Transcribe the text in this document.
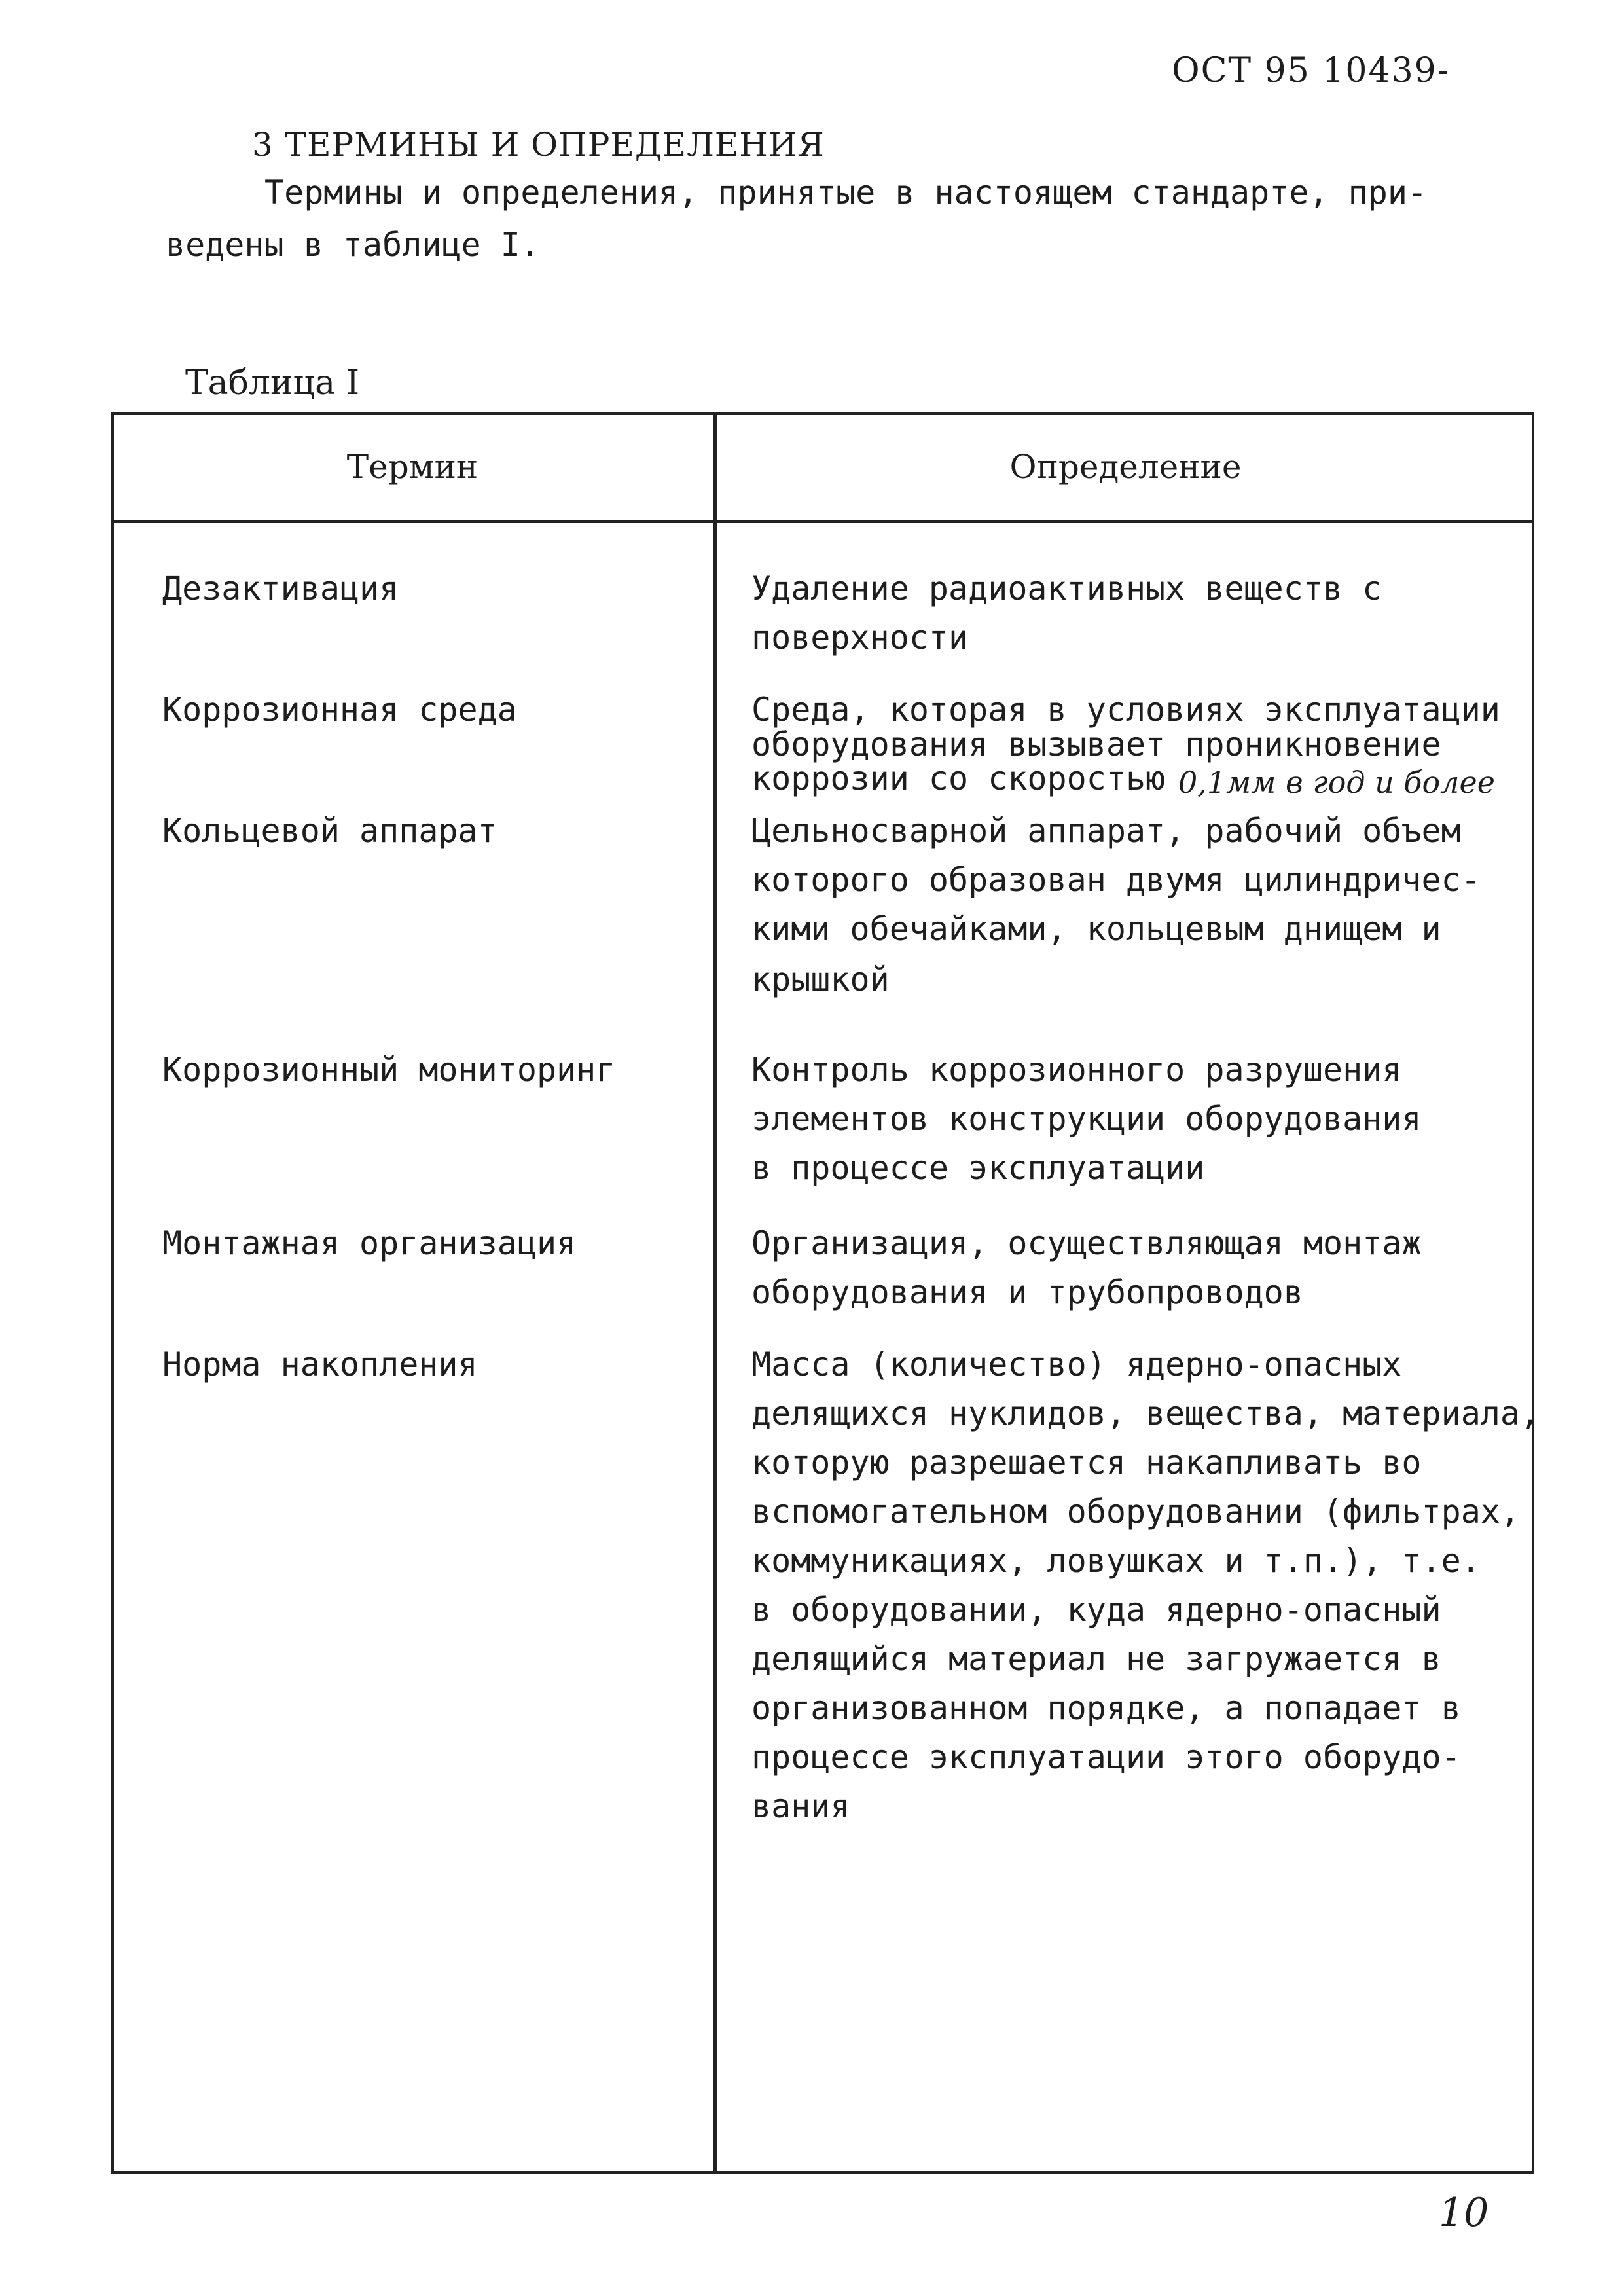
ОСТ 95 10439-
3 ТЕРМИНЫ И ОПРЕДЕЛЕНИЯ
Термины и определения, принятые в настоящем стандарте, при-
ведены в таблице I.
Таблица I
Термин	Определение
Дезактивация	Удаление радиоактивных веществ с
поверхности
Коррозионная среда	Среда, которая в условиях эксплуатации
оборудования вызывает проникновение
коррозии со скоростью 0,1мм в год и более
Кольцевой аппарат	Цельносварной аппарат, рабочий объем
которого образован двумя цилиндричес-
кими обечайками, кольцевым днищем и
крышкой
Коррозионный мониторинг	Контроль коррозионного разрушения
элементов конструкции оборудования
в процессе эксплуатации
Монтажная организация	Организация, осуществляющая монтаж
оборудования и трубопроводов
Норма накопления	Масса (количество) ядерно-опасных
делящихся нуклидов, вещества, материала,
которую разрешается накапливать во
вспомогательном оборудовании (фильтрах,
коммуникациях, ловушках и т.п.), т.е.
в оборудовании, куда ядерно-опасный
делящийся материал не загружается в
организованном порядке, а попадает в
процессе эксплуатации этого оборудо-
вания
10
